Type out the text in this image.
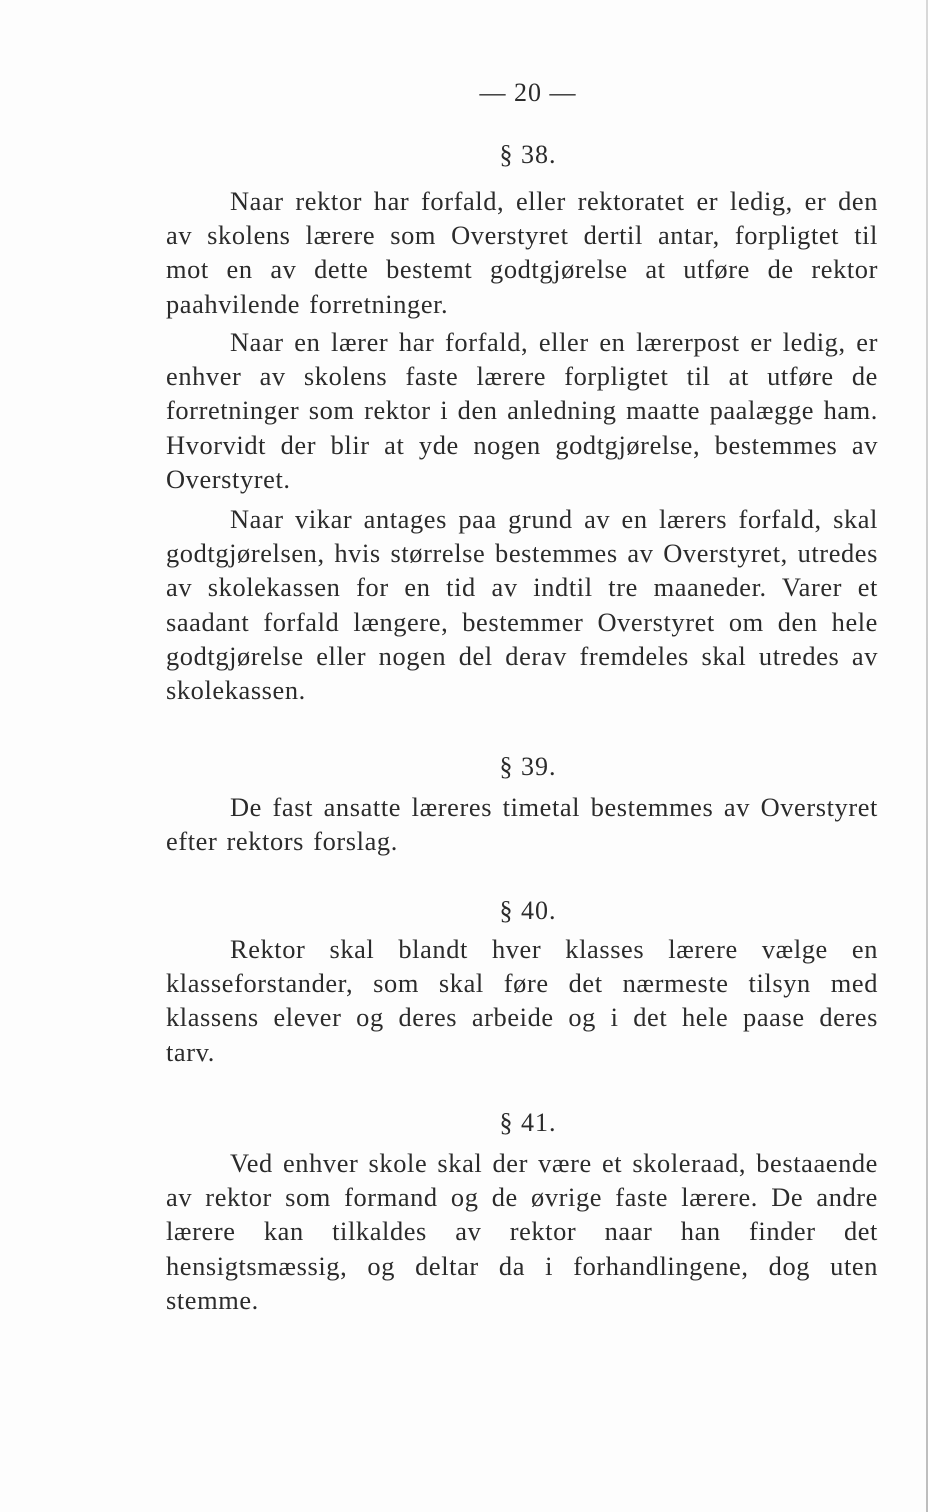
— 20 —
§ 38.

Naar rektor har forfald, eller rektoratet er ledig, er den av skolens lærere som Overstyret dertil antar, forpligtet til mot en av dette bestemt godtgjørelse at utføre de rektor paahvilende forretninger.

Naar en lærer har forfald, eller en lærerpost er ledig, er enhver av skolens faste lærere forpligtet til at utføre de forretninger som rektor i den anledning maatte paalægge ham. Hvorvidt der blir at yde nogen godtgjørelse, bestemmes av Overstyret.

Naar vikar antages paa grund av en lærers forfald, skal godtgjørelsen, hvis størrelse bestemmes av Overstyret, utredes av skolekassen for en tid av indtil tre maaneder. Varer et saadant forfald længere, bestemmer Overstyret om den hele godtgjørelse eller nogen del derav fremdeles skal utredes av skolekassen.

§ 39.

De fast ansatte læreres timetal bestemmes av Overstyret efter rektors forslag.

§ 40.

Rektor skal blandt hver klasses lærere vælge en klasseforstander, som skal føre det nærmeste tilsyn med klassens elever og deres arbeide og i det hele paase deres tarv.

§ 41.

Ved enhver skole skal der være et skoleraad, bestaaende av rektor som formand og de øvrige faste lærere. De andre lærere kan tilkaldes av rektor naar han finder det hensigtsmæssig, og deltar da i forhandlingene, dog uten stemme.
